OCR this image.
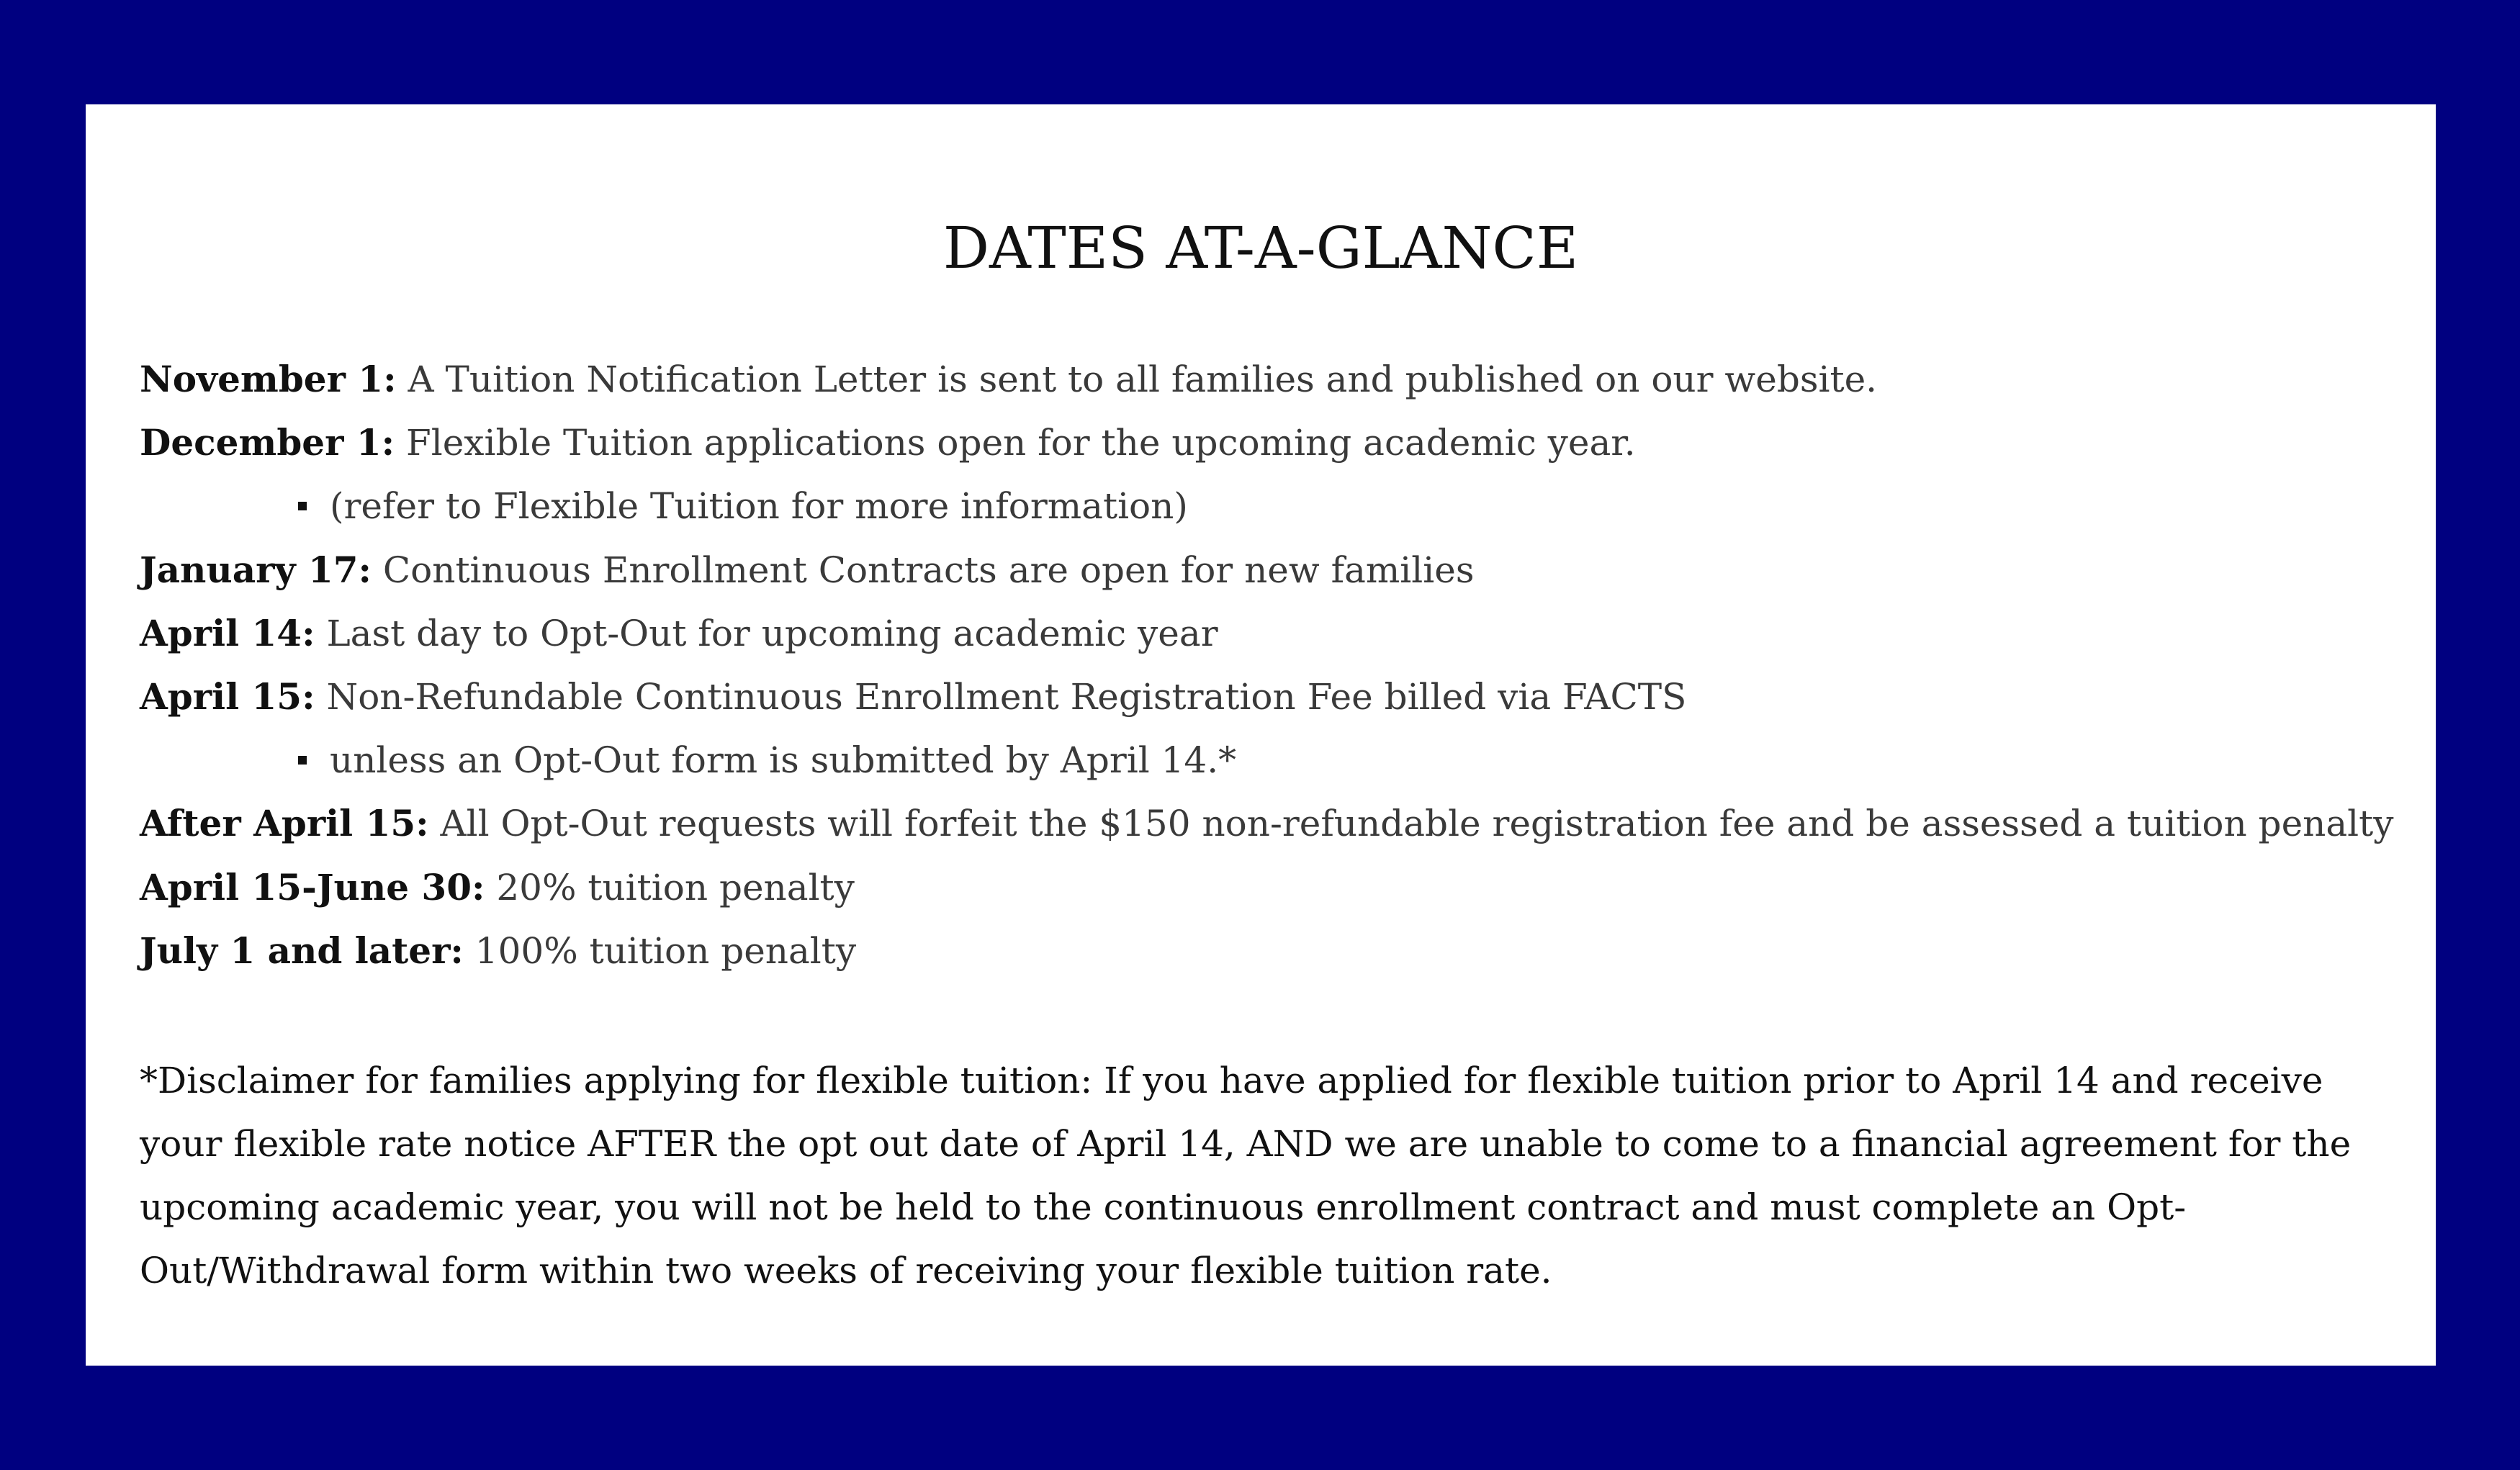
DATES AT-A-GLANCE
November 1: A Tuition Notification Letter is sent to all families and published on our website.
December 1: Flexible Tuition applications open for the upcoming academic year.
(refer to Flexible Tuition for more information)
January 17: Continuous Enrollment Contracts are open for new families
April 14: Last day to Opt-Out for upcoming academic year
April 15: Non-Refundable Continuous Enrollment Registration Fee billed via FACTS
unless an Opt-Out form is submitted by April 14.*
After April 15: All Opt-Out requests will forfeit the $150 non-refundable registration fee and be assessed a tuition penalty
April 15-June 30: 20% tuition penalty
July 1 and later: 100% tuition penalty

*Disclaimer for families applying for flexible tuition: If you have applied for flexible tuition prior to April 14 and receive your flexible rate notice AFTER the opt out date of April 14, AND we are unable to come to a financial agreement for the upcoming academic year, you will not be held to the continuous enrollment contract and must complete an Opt-Out/Withdrawal form within two weeks of receiving your flexible tuition rate.
